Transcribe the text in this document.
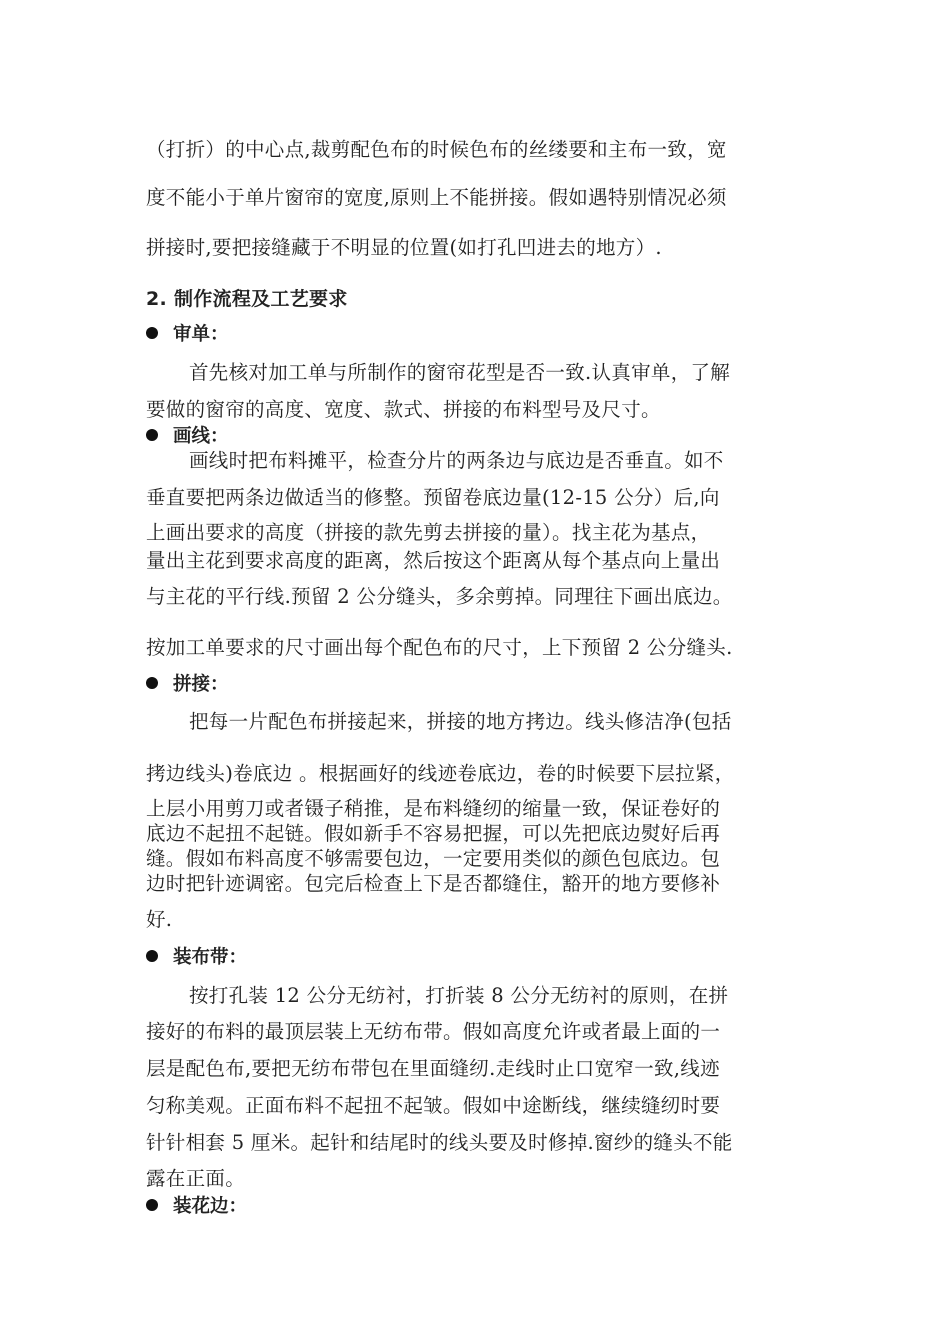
（打折）的中心点,裁剪配色布的时候色布的丝缕要和主布一致，宽
度不能小于单片窗帘的宽度,原则上不能拼接。假如遇特别情况必须
拼接时,要把接缝藏于不明显的位置(如打孔凹进去的地方）.
2. 制作流程及工艺要求
审单：
首先核对加工单与所制作的窗帘花型是否一致.认真审单，了解
要做的窗帘的高度、宽度、款式、拼接的布料型号及尺寸。
画线：
画线时把布料摊平，检查分片的两条边与底边是否垂直。如不
垂直要把两条边做适当的修整。预留卷底边量(12-15 公分）后,向
上画出要求的高度（拼接的款先剪去拼接的量）。找主花为基点，
量出主花到要求高度的距离，然后按这个距离从每个基点向上量出
与主花的平行线.预留 2 公分缝头，多余剪掉。同理往下画出底边。
按加工单要求的尺寸画出每个配色布的尺寸，上下预留 2 公分缝头.
拼接：
把每一片配色布拼接起来，拼接的地方拷边。线头修洁净(包括
拷边线头)卷底边 。根据画好的线迹卷底边，卷的时候要下层拉紧，
上层小用剪刀或者镊子稍推，是布料缝纫的缩量一致，保证卷好的
底边不起扭不起链。假如新手不容易把握，可以先把底边熨好后再
缝。假如布料高度不够需要包边，一定要用类似的颜色包底边。包
边时把针迹调密。包完后检查上下是否都缝住，豁开的地方要修补
好.
装布带：
按打孔装 12 公分无纺衬，打折装 8 公分无纺衬的原则，在拼
接好的布料的最顶层装上无纺布带。假如高度允许或者最上面的一
层是配色布,要把无纺布带包在里面缝纫.走线时止口宽窄一致,线迹
匀称美观。正面布料不起扭不起皱。假如中途断线，继续缝纫时要
针针相套 5 厘米。起针和结尾时的线头要及时修掉.窗纱的缝头不能
露在正面。
装花边：
